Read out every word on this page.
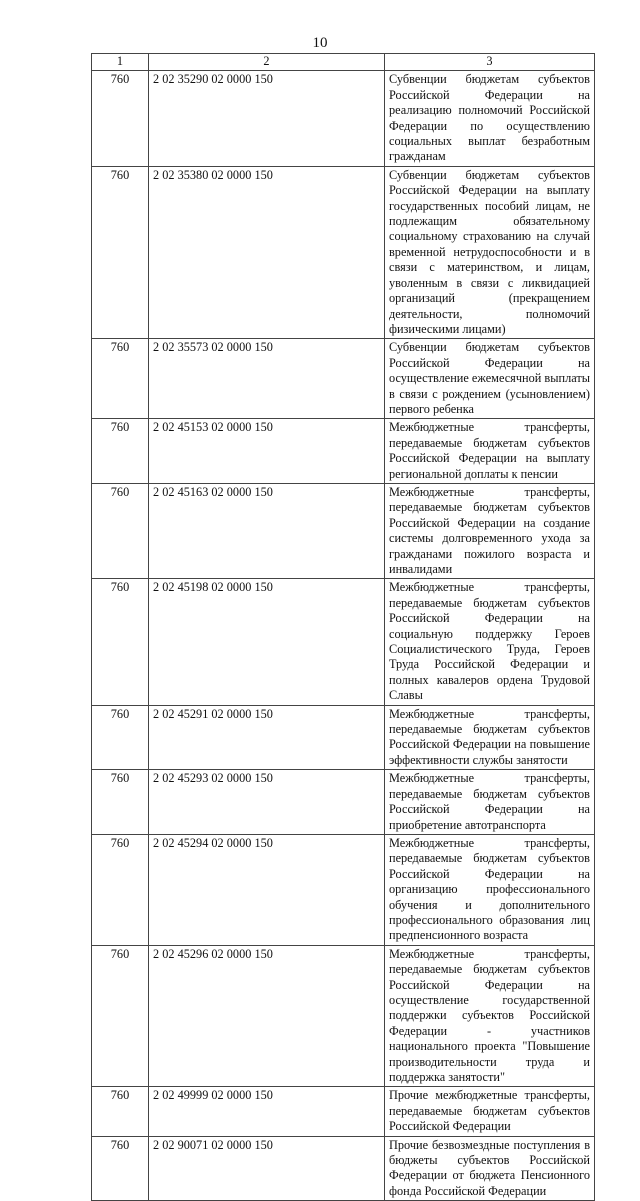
10
1	2	3
760	2 02 35290 02 0000 150	Субвенции бюджетам субъектов Российской Федерации на реализацию полномочий Российской Федерации по осуществлению социальных выплат безработным гражданам
760	2 02 35380 02 0000 150	Субвенции бюджетам субъектов Российской Федерации на выплату государственных пособий лицам, не подлежащим обязательному социальному страхованию на случай временной нетрудоспособности и в связи с материнством, и лицам, уволенным в связи с ликвидацией организаций (прекращением деятельности, полномочий физическими лицами)
760	2 02 35573 02 0000 150	Субвенции бюджетам субъектов Российской Федерации на осуществление ежемесячной выплаты в связи с рождением (усыновлением) первого ребенка
760	2 02 45153 02 0000 150	Межбюджетные трансферты, передаваемые бюджетам субъектов Российской Федерации на выплату региональной доплаты к пенсии
760	2 02 45163 02 0000 150	Межбюджетные трансферты, передаваемые бюджетам субъектов Российской Федерации на создание системы долговременного ухода за гражданами пожилого возраста и инвалидами
760	2 02 45198 02 0000 150	Межбюджетные трансферты, передаваемые бюджетам субъектов Российской Федерации на социальную поддержку Героев Социалистического Труда, Героев Труда Российской Федерации и полных кавалеров ордена Трудовой Славы
760	2 02 45291 02 0000 150	Межбюджетные трансферты, передаваемые бюджетам субъектов Российской Федерации на повышение эффективности службы занятости
760	2 02 45293 02 0000 150	Межбюджетные трансферты, передаваемые бюджетам субъектов Российской Федерации на приобретение автотранспорта
760	2 02 45294 02 0000 150	Межбюджетные трансферты, передаваемые бюджетам субъектов Российской Федерации на организацию профессионального обучения и дополнительного профессионального образования лиц предпенсионного возраста
760	2 02 45296 02 0000 150	Межбюджетные трансферты, передаваемые бюджетам субъектов Российской Федерации на осуществление государственной поддержки субъектов Российской Федерации - участников национального проекта "Повышение производительности труда и поддержка занятости"
760	2 02 49999 02 0000 150	Прочие межбюджетные трансферты, передаваемые бюджетам субъектов Российской Федерации
760	2 02 90071 02 0000 150	Прочие безвозмездные поступления в бюджеты субъектов Российской Федерации от бюджета Пенсионного фонда Российской Федерации
